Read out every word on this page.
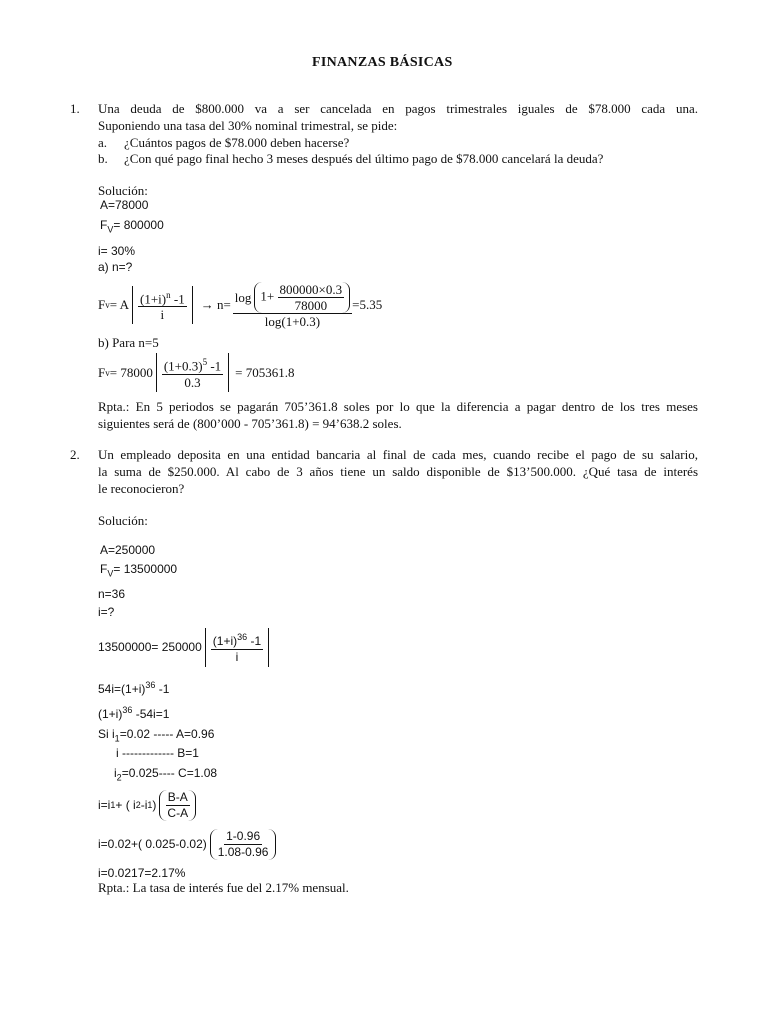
FINANZAS BÁSICAS
1. Una deuda de $800.000 va a ser cancelada en pagos trimestrales iguales de $78.000 cada una.
Suponiendo una tasa del 30% nominal trimestral, se pide:
a. ¿Cuántos pagos de $78.000 deben hacerse?
b. ¿Con qué pago final hecho 3 meses después del último pago de $78.000 cancelará la deuda?
Solución:
A=78000
$F_V= 800000$
i= 30%
a) n=?
F v = A $\frac{(1+i)^n -1}{i} \to n= \log 1+ \frac{800000\times 0.3}{78000}$
log(1+0.3)
=5.35
b) Para n=5
F $v = 78000 \frac{(1+0.3)^5 -1}{0.3} = 705361.8$
Rpta.: En 5 periodos se pagarán 705’361.8 soles por lo que la diferencia a pagar dentro de los tres meses
siguientes será de (800’000 - 705’361.8) = 94’638.2 soles.
2. Un empleado deposita en una entidad bancaria al final de cada mes, cuando recibe el pago de su salario,
la suma de $250.000. Al cabo de 3 años tiene un saldo disponible de $13’500.000. ¿Qué tasa de interés
le reconocieron?
Solución:
A=250000
$F_V= 13500000$
n=36
i=?
$13500000= 250000 \frac{(1+i)^{36} -1}{i}$
$54i=(1+i)^{36}$ -1
$(1+i)^{36}$ -54i=1
Si $i_1=0.02$ ----- A=0.96
i ------------- B=1
$i_2=0.025----$ C=1.08
i=i 1 + ( i 2 -i 1 ) $\frac{B-A}{C-A}$
i=0.02+( $0.025-0.02) \frac{1-0.96}{1.08-0.96}$
i=0.0217=2.17%
Rpta.: La tasa de interés fue del 2.17% mensual.
